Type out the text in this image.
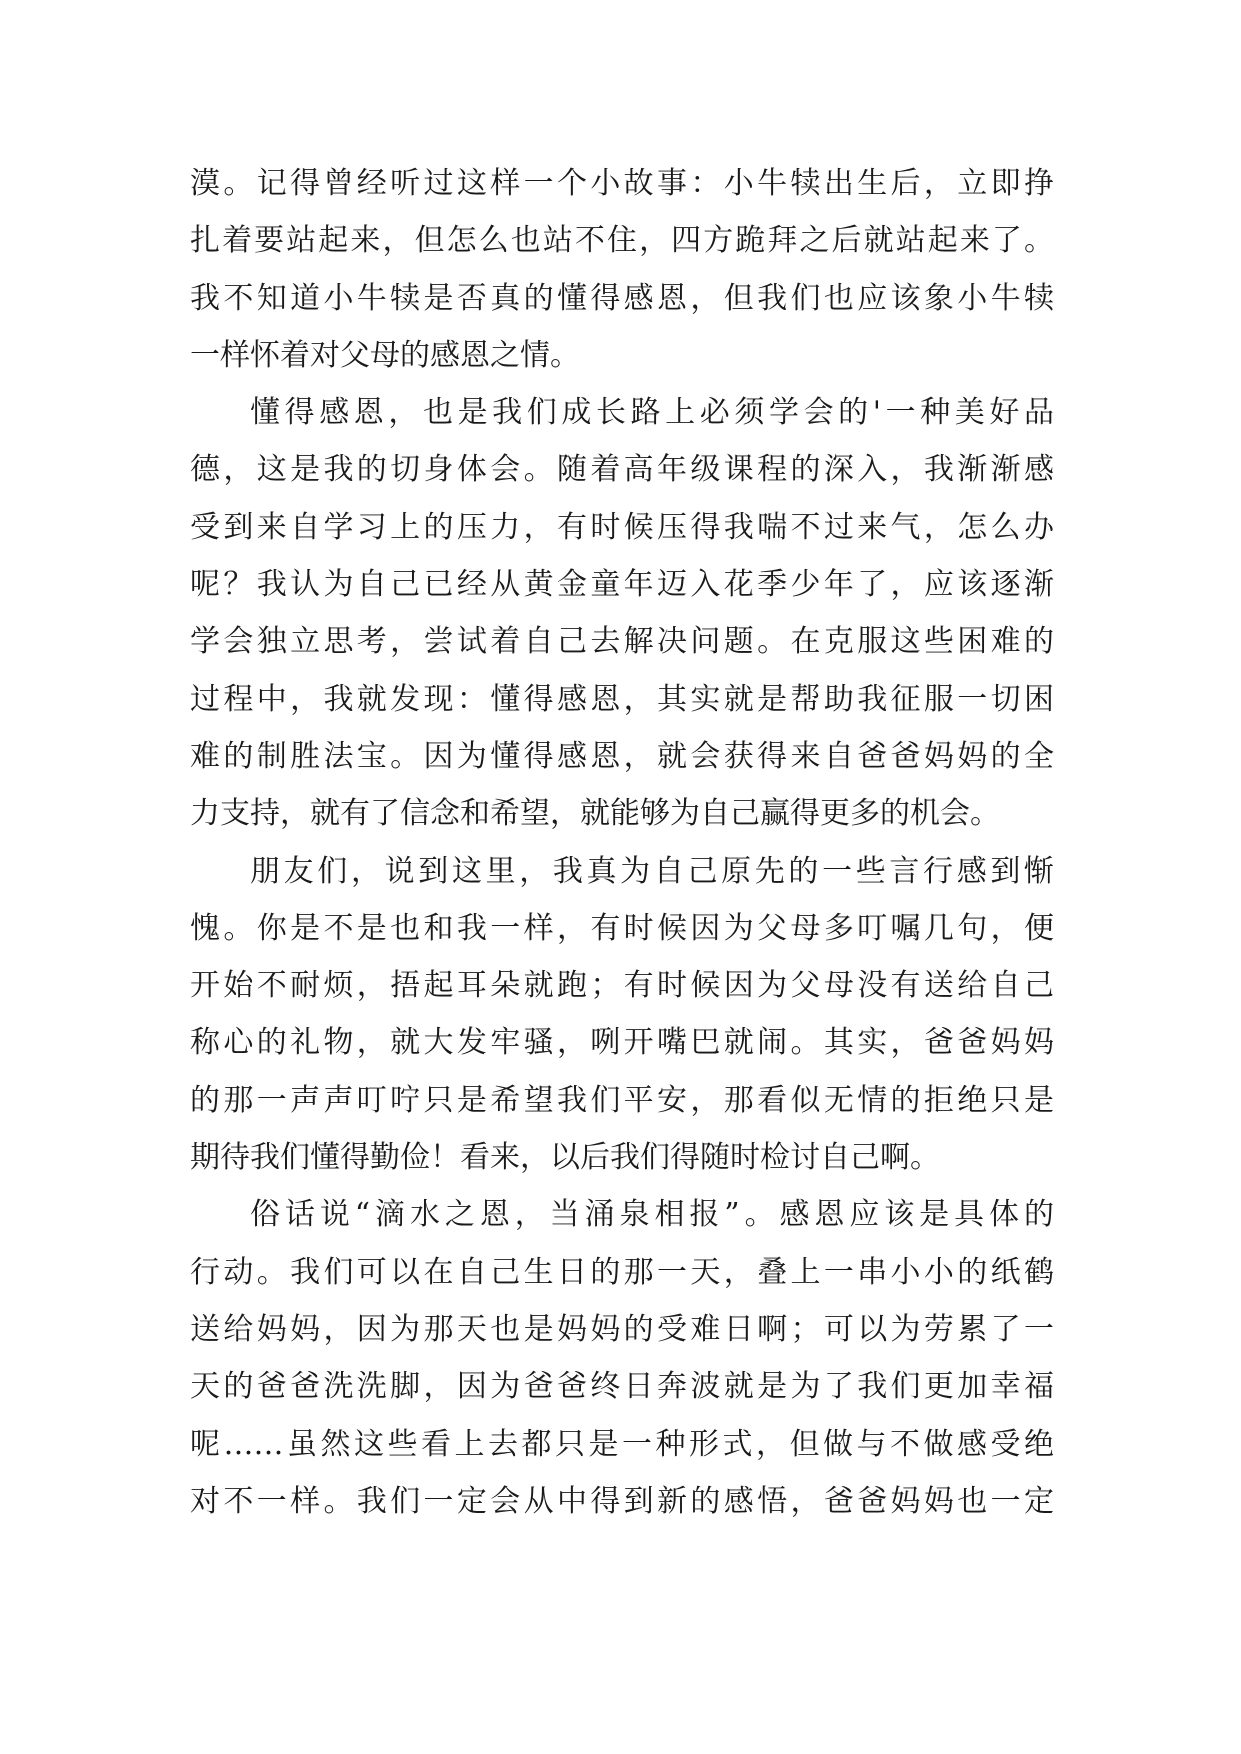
漠。记得曾经听过这样一个小故事：小牛犊出生后，立即挣
扎着要站起来，但怎么也站不住，四方跪拜之后就站起来了。
我不知道小牛犊是否真的懂得感恩，但我们也应该象小牛犊
一样怀着对父母的感恩之情。
懂得感恩，也是我们成长路上必须学会的'一种美好品
德，这是我的切身体会。随着高年级课程的深入，我渐渐感
受到来自学习上的压力，有时候压得我喘不过来气，怎么办
呢？我认为自己已经从黄金童年迈入花季少年了，应该逐渐
学会独立思考，尝试着自己去解决问题。在克服这些困难的
过程中，我就发现：懂得感恩，其实就是帮助我征服一切困
难的制胜法宝。因为懂得感恩，就会获得来自爸爸妈妈的全
力支持，就有了信念和希望，就能够为自己赢得更多的机会。
朋友们，说到这里，我真为自己原先的一些言行感到惭
愧。你是不是也和我一样，有时候因为父母多叮嘱几句，便
开始不耐烦，捂起耳朵就跑；有时候因为父母没有送给自己
称心的礼物，就大发牢骚，咧开嘴巴就闹。其实，爸爸妈妈
的那一声声叮咛只是希望我们平安，那看似无情的拒绝只是
期待我们懂得勤俭！看来，以后我们得随时检讨自己啊。
俗话说“滴水之恩，当涌泉相报”。感恩应该是具体的
行动。我们可以在自己生日的那一天，叠上一串小小的纸鹤
送给妈妈，因为那天也是妈妈的受难日啊；可以为劳累了一
天的爸爸洗洗脚，因为爸爸终日奔波就是为了我们更加幸福
呢……虽然这些看上去都只是一种形式，但做与不做感受绝
对不一样。我们一定会从中得到新的感悟，爸爸妈妈也一定
